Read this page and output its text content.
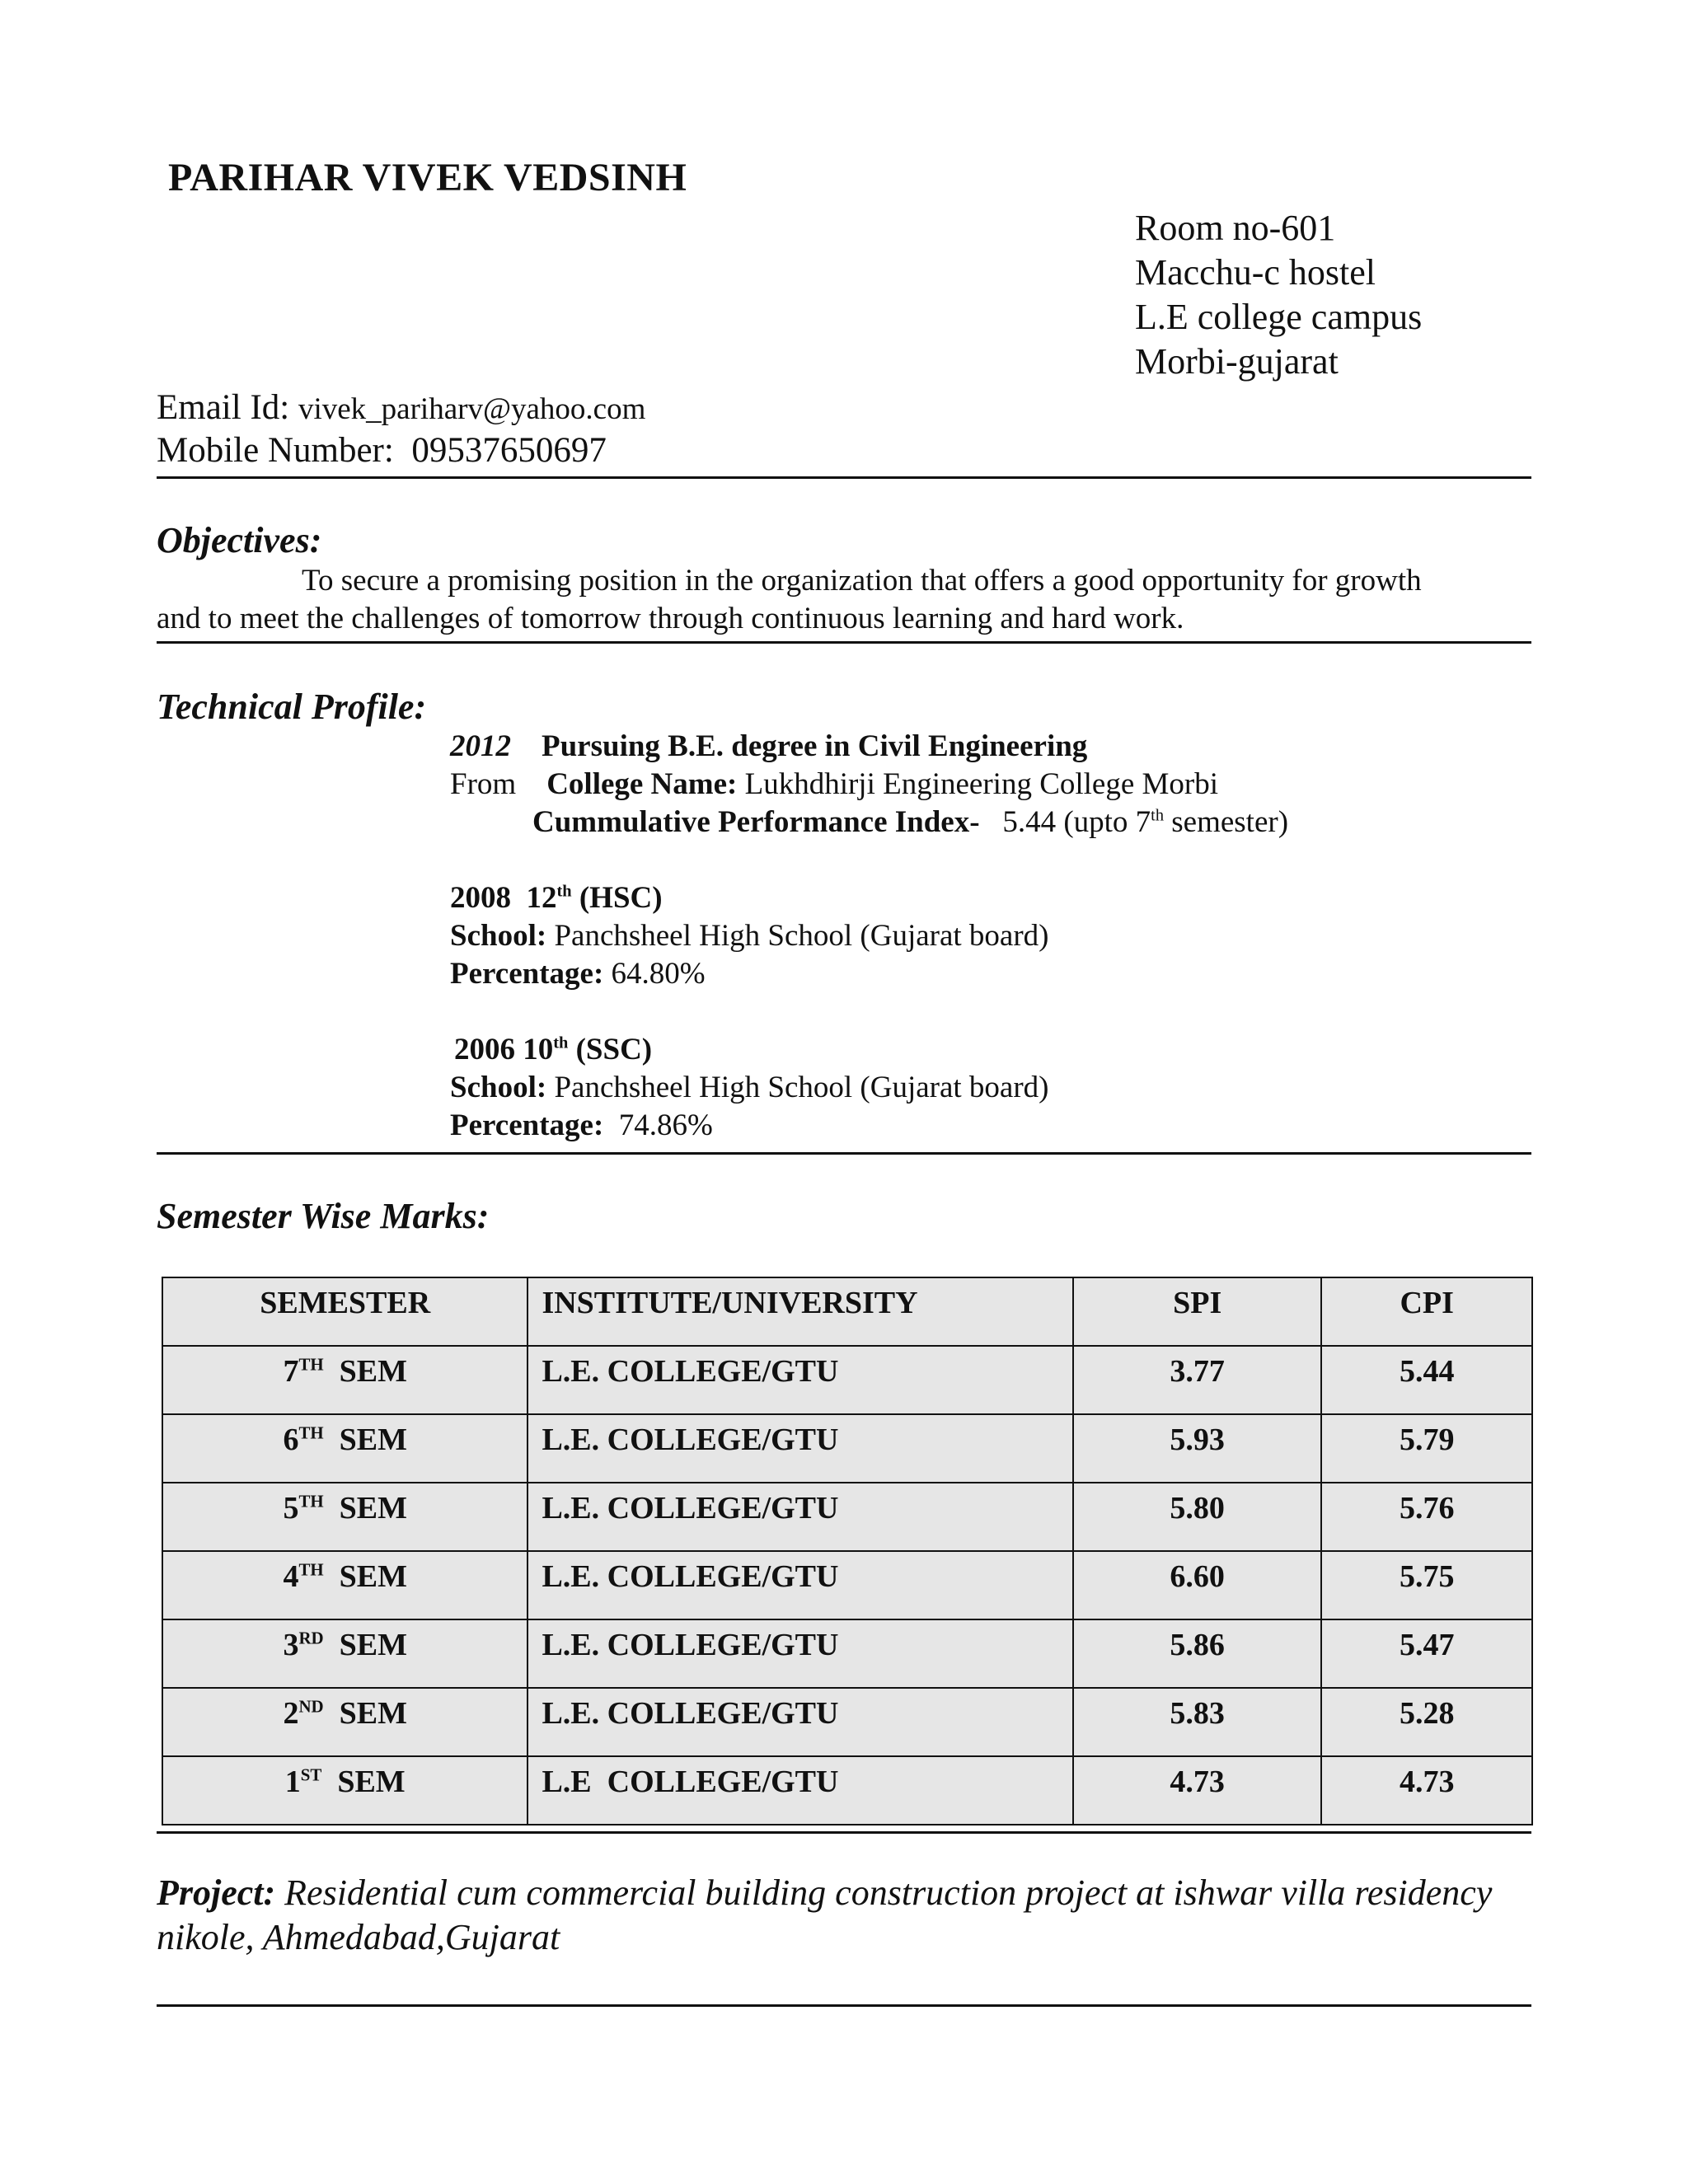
PARIHAR VIVEK VEDSINH
Room no-601
Macchu-c hostel
L.E college campus
Morbi-gujarat
Email Id: vivek_pariharv@yahoo.com
Mobile Number: 09537650697
Objectives:
To secure a promising position in the organization that offers a good opportunity for growth
and to meet the challenges of tomorrow through continuous learning and hard work.
Technical Profile:
2012 Pursuing B.E. degree in Civil Engineering
From College Name: Lukhdhirji Engineering College Morbi
Cummulative Performance Index- 5.44 (upto 7th semester)
2008 12th (HSC)
School: Panchsheel High School (Gujarat board)
Percentage: 64.80%
2006 10th (SSC)
School: Panchsheel High School (Gujarat board)
Percentage: 74.86%
Semester Wise Marks:
SEMESTER	INSTITUTE/UNIVERSITY	SPI	CPI
7TH SEM	L.E. COLLEGE/GTU	3.77	5.44
6TH SEM	L.E. COLLEGE/GTU	5.93	5.79
5TH SEM	L.E. COLLEGE/GTU	5.80	5.76
4TH SEM	L.E. COLLEGE/GTU	6.60	5.75
3RD SEM	L.E. COLLEGE/GTU	5.86	5.47
2ND SEM	L.E. COLLEGE/GTU	5.83	5.28
1ST SEM	L.E  COLLEGE/GTU	4.73	4.73
Project: Residential cum commercial building construction project at ishwar villa residency nikole, Ahmedabad,Gujarat
